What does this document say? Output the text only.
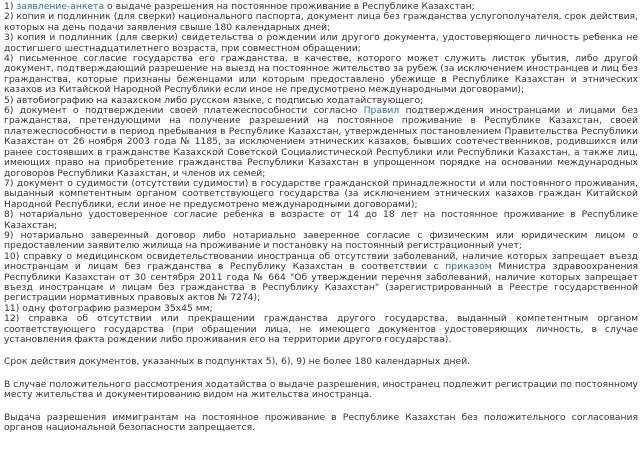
1) заявление-анкета о выдаче разрешения на постоянное проживание в Республике Казахстан;

2) копия и подлинник (для сверки) национального паспорта, документ лица без гражданства услугополучателя, срок действия, которых на день подачи заявления свыше 180 календарных дней;

3) копия и подлинник (для сверки) свидетельства о рождении или другого документа, удостоверяющего личность ребенка не достигшего шестнадцатилетнего возраста, при совместном обращении;

4) письменное согласие государства его гражданства, в качестве, которого может служить листок убытия, либо другой документ, подтверждающий разрешение на выезд на постоянное жительство за рубеж (за исключением иностранцев и лиц без гражданства, которые признаны беженцами или которым предоставлено убежище в Республике Казахстан и этнических казахов из Китайской Народной Республики если иное не предусмотрено международными договорами);

5) автобиографию на казахском либо русском языке, с подписью ходатайствующего;

6) документ о подтверждении своей платежеспособности согласно Правил подтверждения иностранцами и лицами без гражданства, претендующими на получение разрешений на постоянное проживание в Республике Казахстан, своей платежеспособности в период пребывания в Республике Казахстан, утвержденных постановлением Правительства Республики Казахстан от 26 ноября 2003 года № 1185, за исключением этнических казахов, бывших соотечественников, родившихся или ранее состоявших в гражданстве Казахской Советской Социалистической Республики или Республики Казахстан, а также лиц, имеющих право на приобретение гражданства Республики Казахстан в упрощенном порядке на основании международных договоров Республики Казахстан, и членов их семей;

7) документ о судимости (отсутствии судимости) в государстве гражданской принадлежности и или постоянного проживания, выданный компетентным органом соответствующего государства (за исключением этнических казахов граждан Китайской Народной Республики, если иное не предусмотрено международными договорами);

8) нотариально удостоверенное согласие ребенка в возрасте от 14 до 18 лет на постоянное проживание в Республике Казахстан;

9) нотариально заверенный договор либо нотариально заверенное согласие с физическим или юридическим лицом о предоставлении заявителю жилища на проживание и постановку на постоянный регистрационный учет;

10) справку о медицинском освидетельствовании иностранца об отсутствии заболеваний, наличие которых запрещает въезд иностранцам и лицам без гражданства в Республику Казахстан в соответствии с приказом Министра здравоохранения Республики Казахстан от 30 сентября 2011 года № 664 "Об утверждении перечня заболеваний, наличие которых запрещает въезд иностранцам и лицам без гражданства в Республику Казахстан" (зарегистрированный в Реестре государственной регистрации нормативных правовых актов № 7274);

11) одну фотографию размером 35х45 мм;

12) справка об отсутствии или прекращении гражданства другого государства, выданный компетентным органом соответствующего государства (при обращении лица, не имеющего документов удостоверяющих личность, в случае установления факта рождении либо проживания его на территории другого государства).

Срок действия документов, указанных в подпунктах 5), 6), 9) не более 180 календарных дней.

В случае положительного рассмотрения ходатайства о выдаче разрешения, иностранец подлежит регистрации по постоянному месту жительства и документированию видом на жительства иностранца.

Выдача разрешения иммигрантам на постоянное проживание в Республике Казахстан без положительного согласования органов национальной безопасности запрещается.
